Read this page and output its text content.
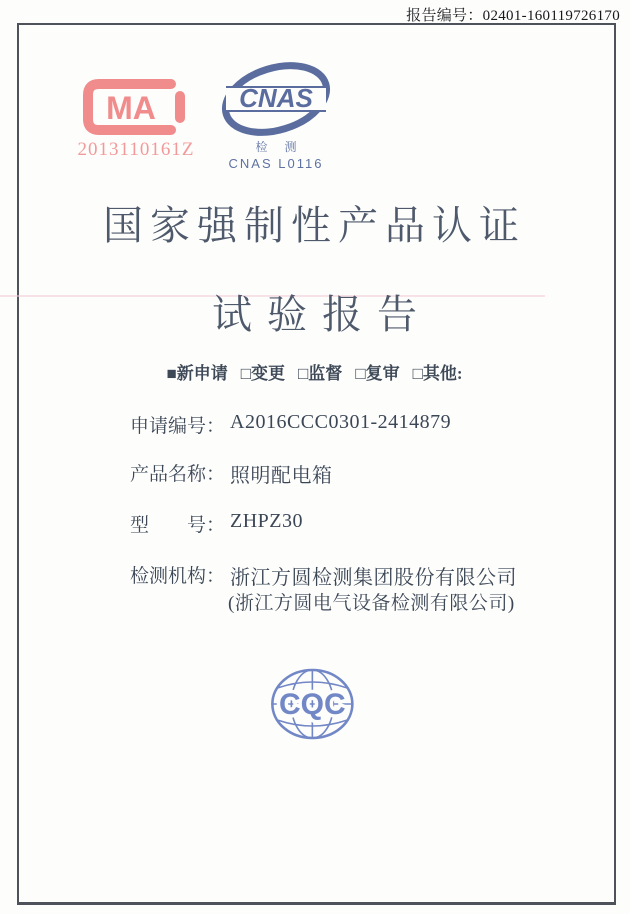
报告编号：02401-160119726170
MA
2013110161Z
CNAS
检 测
CNAS L0116
国家强制性产品认证
试验报告
■新申请 □变更 □监督 □复审 □其他:
申请编号： A2016CCC0301-2414879
产品名称： 照明配电箱
型　　号： ZHPZ30
检测机构： 浙江方圆检测集团股份有限公司
(浙江方圆电气设备检测有限公司)
CQC
